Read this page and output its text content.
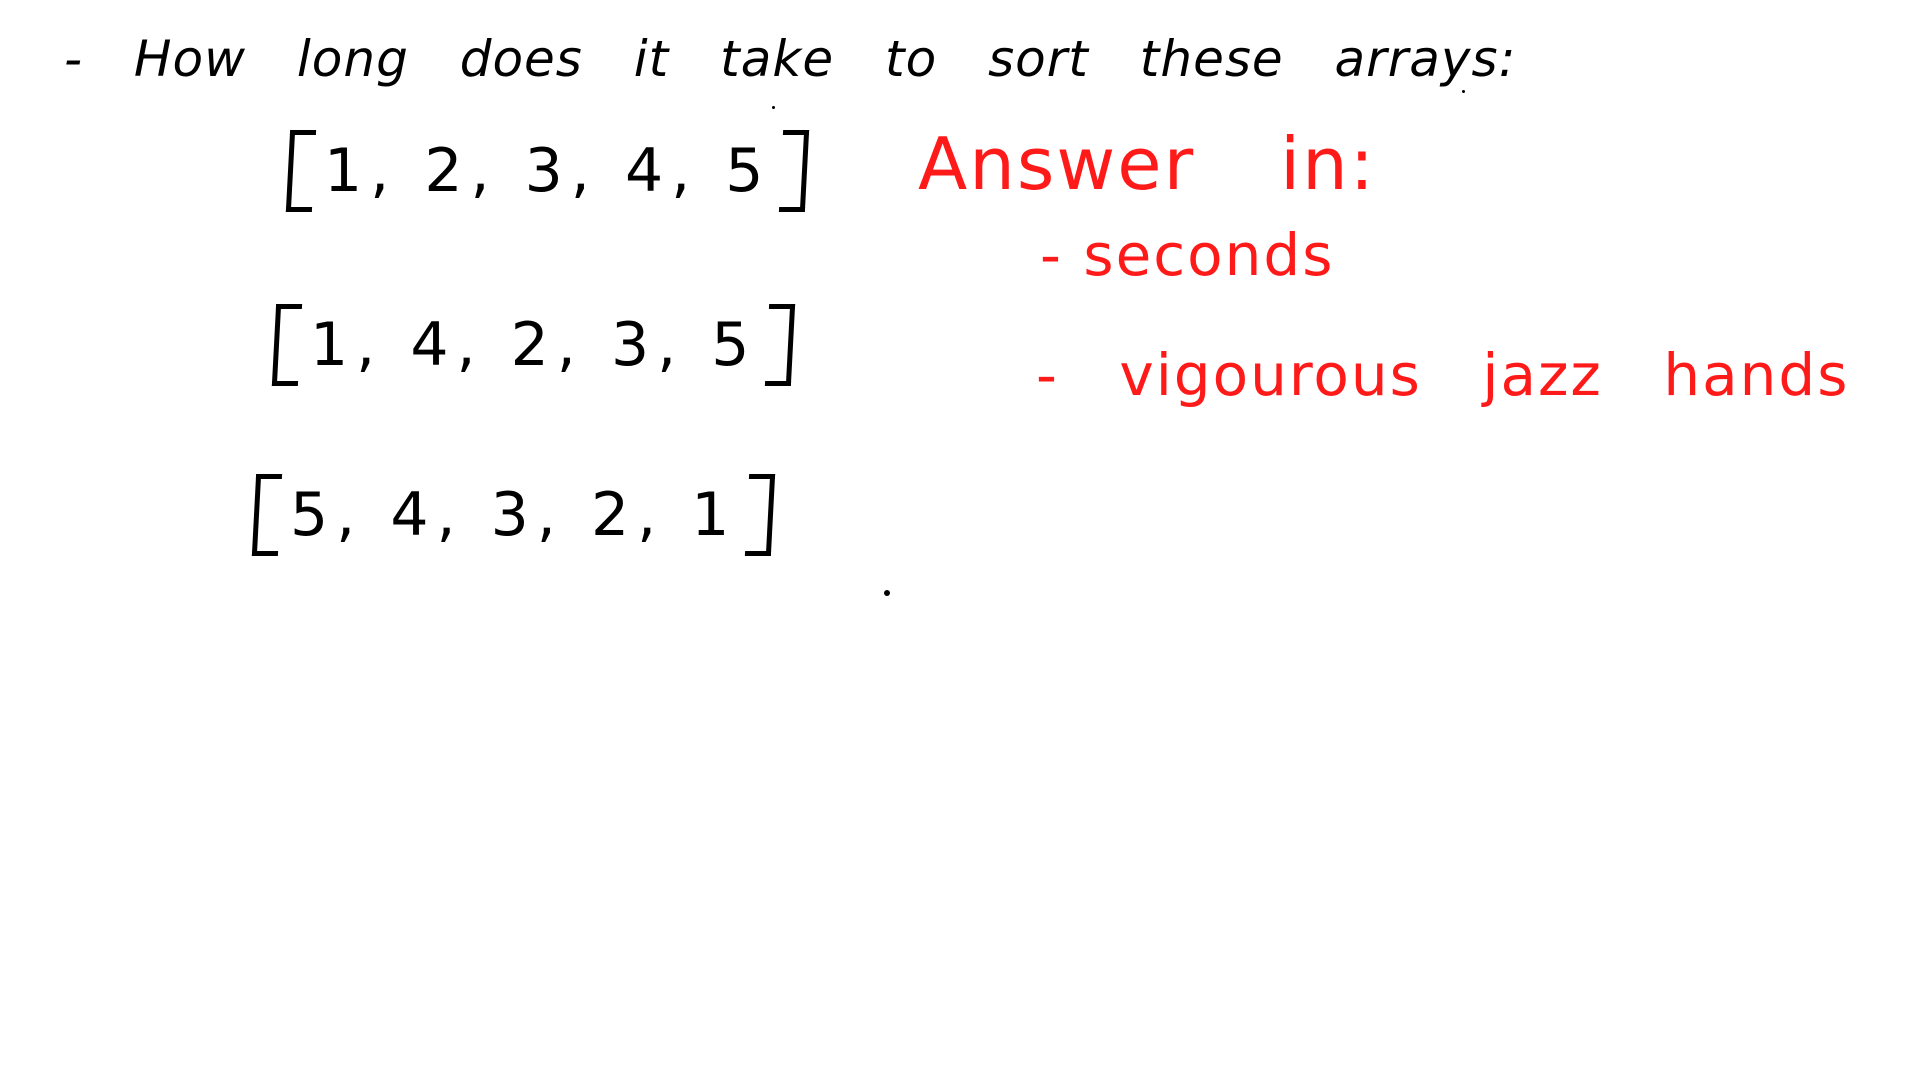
- How long does it take to sort these arrays:
1, 2, 3, 4, 5
1, 4, 2, 3, 5
5, 4, 3, 2, 1
Answer in:
- seconds
- vigourous jazz hands
